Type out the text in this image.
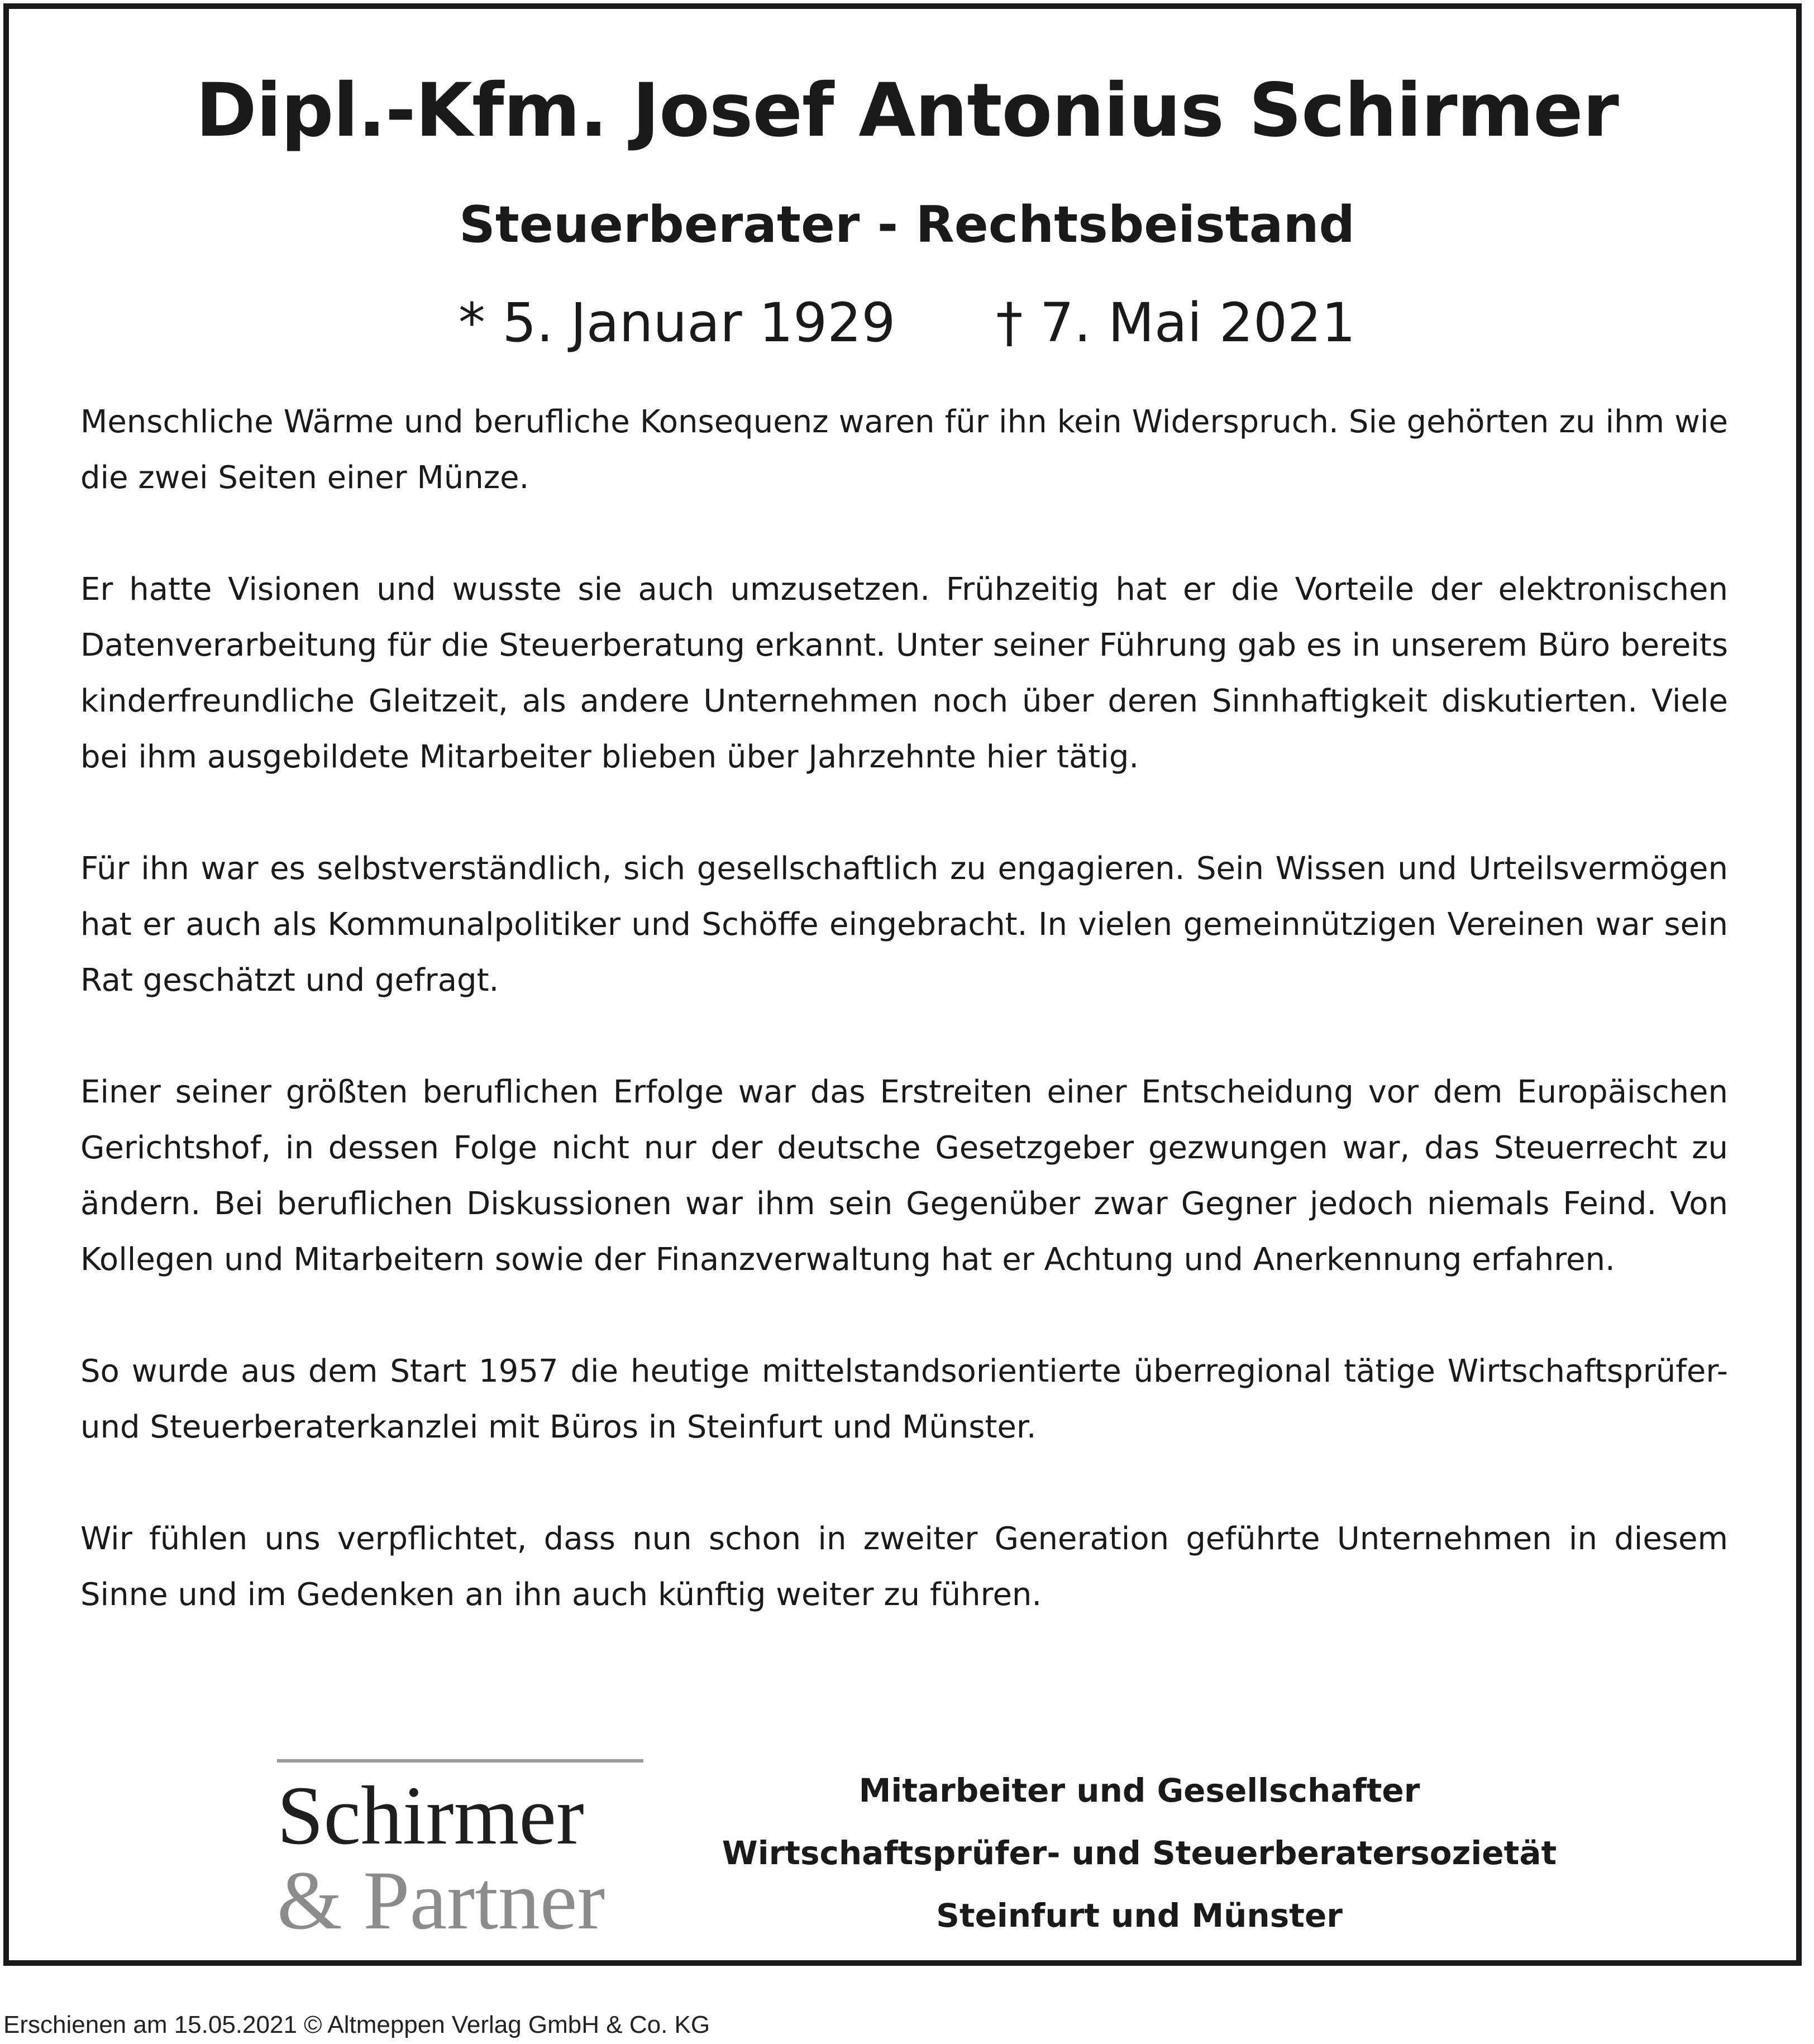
Dipl.-Kfm. Josef Antonius Schirmer
Steuerberater - Rechtsbeistand
* 5. Januar 1929 † 7. Mai 2021

Menschliche Wärme und berufliche Konsequenz waren für ihn kein Widerspruch. Sie gehörten zu ihm wie die zwei Seiten einer Münze.

Er hatte Visionen und wusste sie auch umzusetzen. Frühzeitig hat er die Vorteile der elektronischen Datenverarbeitung für die Steuerberatung erkannt. Unter seiner Führung gab es in unserem Büro bereits kinderfreundliche Gleitzeit, als andere Unternehmen noch über deren Sinnhaftigkeit diskutierten. Viele bei ihm ausgebildete Mitarbeiter blieben über Jahrzehnte hier tätig.

Für ihn war es selbstverständlich, sich gesellschaftlich zu engagieren. Sein Wissen und Urteilsvermögen hat er auch als Kommunalpolitiker und Schöffe eingebracht. In vielen gemeinnützigen Vereinen war sein Rat geschätzt und gefragt.

Einer seiner größten beruflichen Erfolge war das Erstreiten einer Entscheidung vor dem Europäischen Gerichtshof, in dessen Folge nicht nur der deutsche Gesetzgeber gezwungen war, das Steuerrecht zu ändern. Bei beruflichen Diskussionen war ihm sein Gegenüber zwar Gegner jedoch niemals Feind. Von Kollegen und Mitarbeitern sowie der Finanzverwaltung hat er Achtung und Anerkennung erfahren.

So wurde aus dem Start 1957 die heutige mittelstandsorientierte überregional tätige Wirtschaftsprüfer- und Steuerberaterkanzlei mit Büros in Steinfurt und Münster.

Wir fühlen uns verpflichtet, dass nun schon in zweiter Generation geführte Unternehmen in diesem Sinne und im Gedenken an ihn auch künftig weiter zu führen.

Schirmer
& Partner
Mitarbeiter und Gesellschafter
Wirtschaftsprüfer- und Steuerberatersozietät
Steinfurt und Münster
Erschienen am 15.05.2021 © Altmeppen Verlag GmbH & Co. KG
